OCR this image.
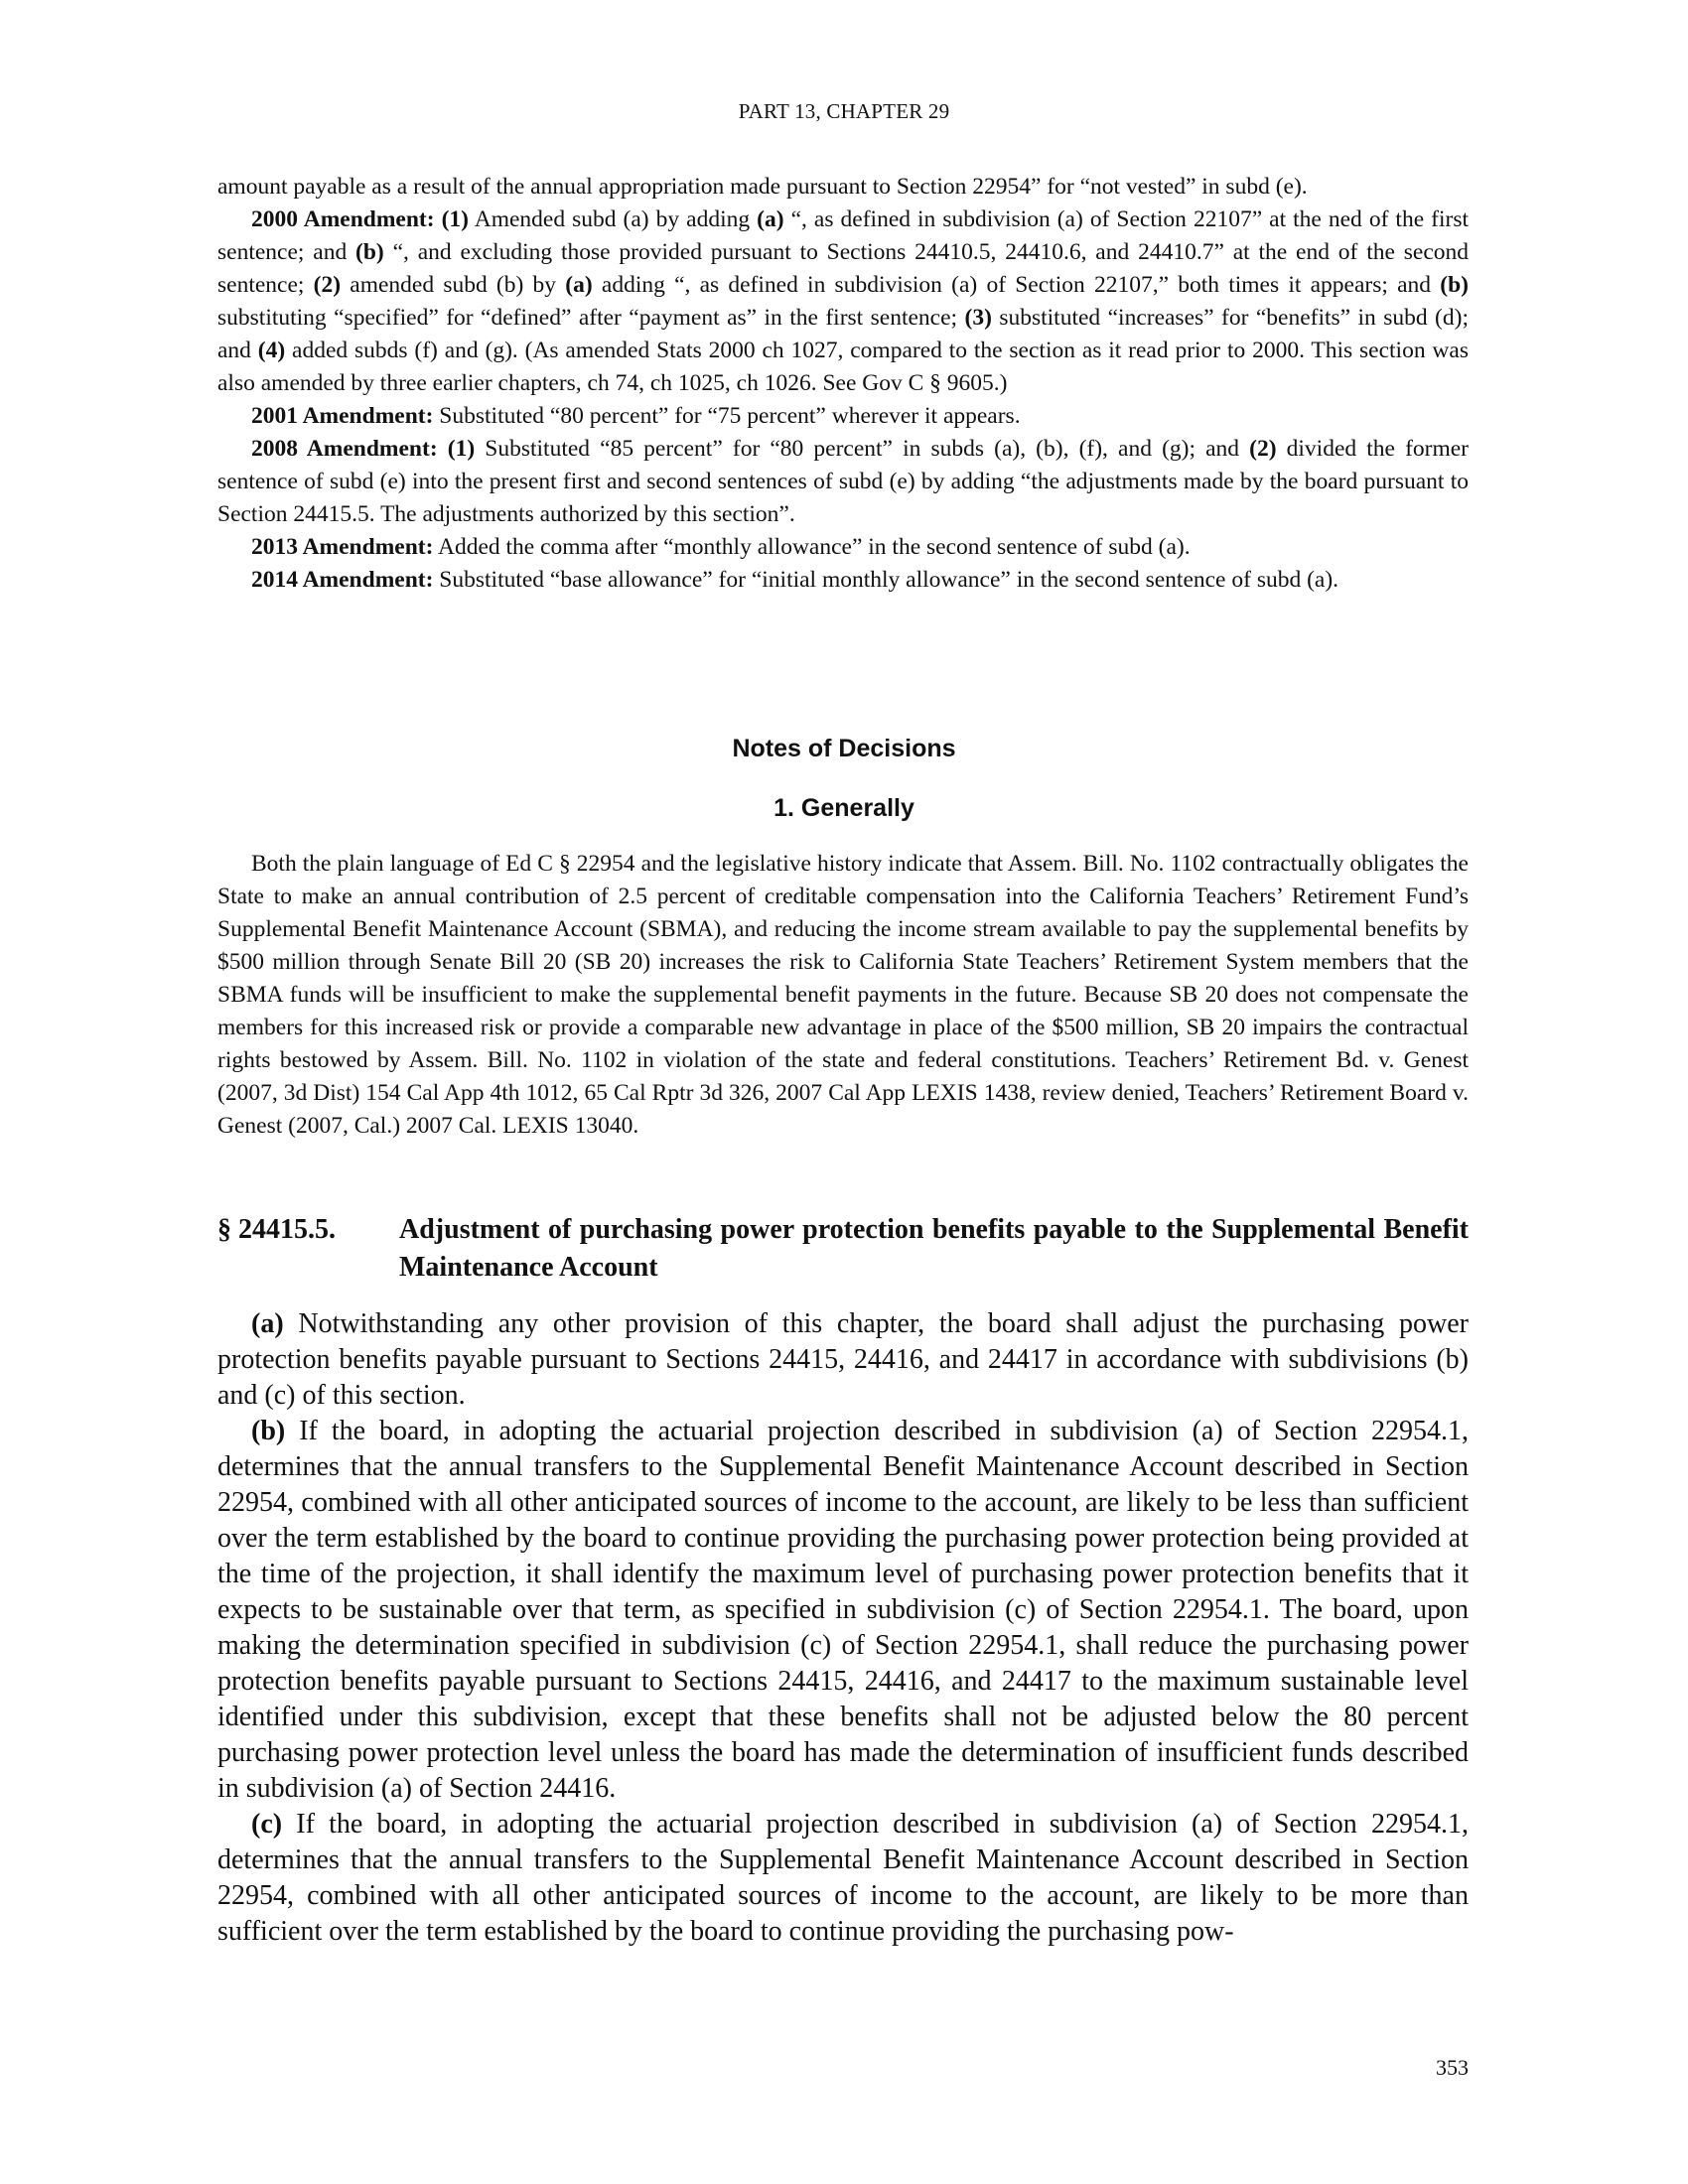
PART 13, CHAPTER 29

amount payable as a result of the annual appropriation made pursuant to Section 22954” for “not vested” in subd (e).

2000 Amendment: (1) Amended subd (a) by adding (a) “, as defined in subdivision (a) of Section 22107” at the ned of the first sentence; and (b) “, and excluding those provided pursuant to Sections 24410.5, 24410.6, and 24410.7” at the end of the second sentence; (2) amended subd (b) by (a) adding “, as defined in subdivision (a) of Section 22107,” both times it appears; and (b) substituting “specified” for “defined” after “payment as” in the first sentence; (3) substituted “increases” for “benefits” in subd (d); and (4) added subds (f) and (g). (As amended Stats 2000 ch 1027, compared to the section as it read prior to 2000. This section was also amended by three earlier chapters, ch 74, ch 1025, ch 1026. See Gov C § 9605.)

2001 Amendment: Substituted “80 percent” for “75 percent” wherever it appears.

2008 Amendment: (1) Substituted “85 percent” for “80 percent” in subds (a), (b), (f), and (g); and (2) divided the former sentence of subd (e) into the present first and second sentences of subd (e) by adding “the adjustments made by the board pursuant to Section 24415.5. The adjustments authorized by this section”.

2013 Amendment: Added the comma after “monthly allowance” in the second sentence of subd (a).

2014 Amendment: Substituted “base allowance” for “initial monthly allowance” in the second sentence of subd (a).

Notes of Decisions
1. Generally

Both the plain language of Ed C § 22954 and the legislative history indicate that Assem. Bill. No. 1102 contractually obligates the State to make an annual contribution of 2.5 percent of creditable compensation into the California Teachers’ Retirement Fund’s Supplemental Benefit Maintenance Account (SBMA), and reducing the income stream available to pay the supplemental benefits by $500 million through Senate Bill 20 (SB 20) increases the risk to California State Teachers’ Retirement System members that the SBMA funds will be insufficient to make the supplemental benefit payments in the future. Because SB 20 does not compensate the members for this increased risk or provide a comparable new advantage in place of the $500 million, SB 20 impairs the contractual rights bestowed by Assem. Bill. No. 1102 in violation of the state and federal constitutions. Teachers’ Retirement Bd. v. Genest (2007, 3d Dist) 154 Cal App 4th 1012, 65 Cal Rptr 3d 326, 2007 Cal App LEXIS 1438, review denied, Teachers’ Retirement Board v. Genest (2007, Cal.) 2007 Cal. LEXIS 13040.

§ 24415.5. Adjustment of purchasing power protection benefits payable to the Supplemental Benefit Maintenance Account

(a) Notwithstanding any other provision of this chapter, the board shall adjust the purchasing power protection benefits payable pursuant to Sections 24415, 24416, and 24417 in accordance with subdivisions (b) and (c) of this section.

(b) If the board, in adopting the actuarial projection described in subdivision (a) of Section 22954.1, determines that the annual transfers to the Supplemental Benefit Maintenance Account described in Section 22954, combined with all other anticipated sources of income to the account, are likely to be less than sufficient over the term established by the board to continue providing the purchasing power protection being provided at the time of the projection, it shall identify the maximum level of purchasing power protection benefits that it expects to be sustainable over that term, as specified in subdivision (c) of Section 22954.1. The board, upon making the determination specified in subdivision (c) of Section 22954.1, shall reduce the purchasing power protection benefits payable pursuant to Sections 24415, 24416, and 24417 to the maximum sustainable level identified under this subdivision, except that these benefits shall not be adjusted below the 80 percent purchasing power protection level unless the board has made the determination of insufficient funds described in subdivision (a) of Section 24416.

(c) If the board, in adopting the actuarial projection described in subdivision (a) of Section 22954.1, determines that the annual transfers to the Supplemental Benefit Maintenance Account described in Section 22954, combined with all other anticipated sources of income to the account, are likely to be more than sufficient over the term established by the board to continue providing the purchasing pow-

353
